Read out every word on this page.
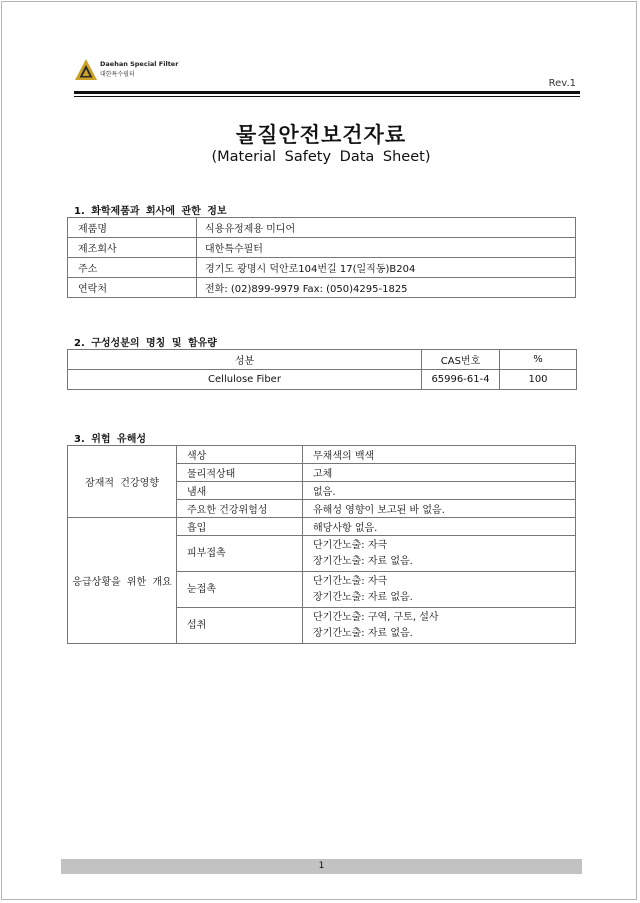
Daehan Special Filter
대한특수필터
Rev.1
물질안전보건자료
(Material Safety Data Sheet)
1. 화학제품과 회사에 관한 정보
제품명	식용유정제용 미디어
제조회사	대한특수필터
주소	경기도 광명시 덕안로104번길 17(일직동)B204
연락처	전화: (02)899-9979 Fax: (050)4295-1825
2. 구성성분의 명칭 및 함유량
성분	CAS번호	%
Cellulose Fiber	65996-61-4	100
3. 위험 유해성
잠재적 건강영향	색상	무채색의 백색

	물리적상태	고체

	냄새	없음.

	주요한 건강위험성	유해성 영향이 보고된 바 없음.

응급상황을 위한 개요	흡입	해당사항 없음.

	피부접촉	단기간노출: 자극
장기간노출: 자료 없음.

	눈접촉	단기간노출: 자극
장기간노출: 자료 없음.

	섭취	단기간노출: 구역, 구토, 설사
장기간노출: 자료 없음.
1
